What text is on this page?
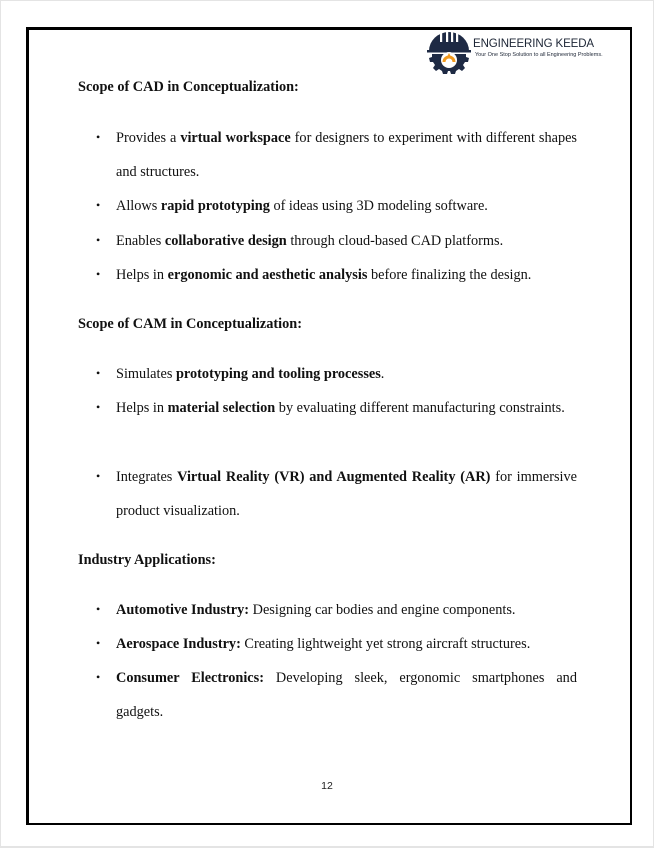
ENGINEERING KEEDA
Your One Stop Solution to all Engineering Problems.
Scope of CAD in Conceptualization:
• Provides a virtual workspace for designers to experiment with different shapes and structures.
• Allows rapid prototyping of ideas using 3D modeling software.
• Enables collaborative design through cloud-based CAD platforms.
• Helps in ergonomic and aesthetic analysis before finalizing the design.
Scope of CAM in Conceptualization:
• Simulates prototyping and tooling processes.
• Helps in material selection by evaluating different manufacturing constraints.
• Integrates Virtual Reality (VR) and Augmented Reality (AR) for immersive product visualization.
Industry Applications:
• Automotive Industry: Designing car bodies and engine components.
• Aerospace Industry: Creating lightweight yet strong aircraft structures.
• Consumer Electronics: Developing sleek, ergonomic smartphones and gadgets.
12
